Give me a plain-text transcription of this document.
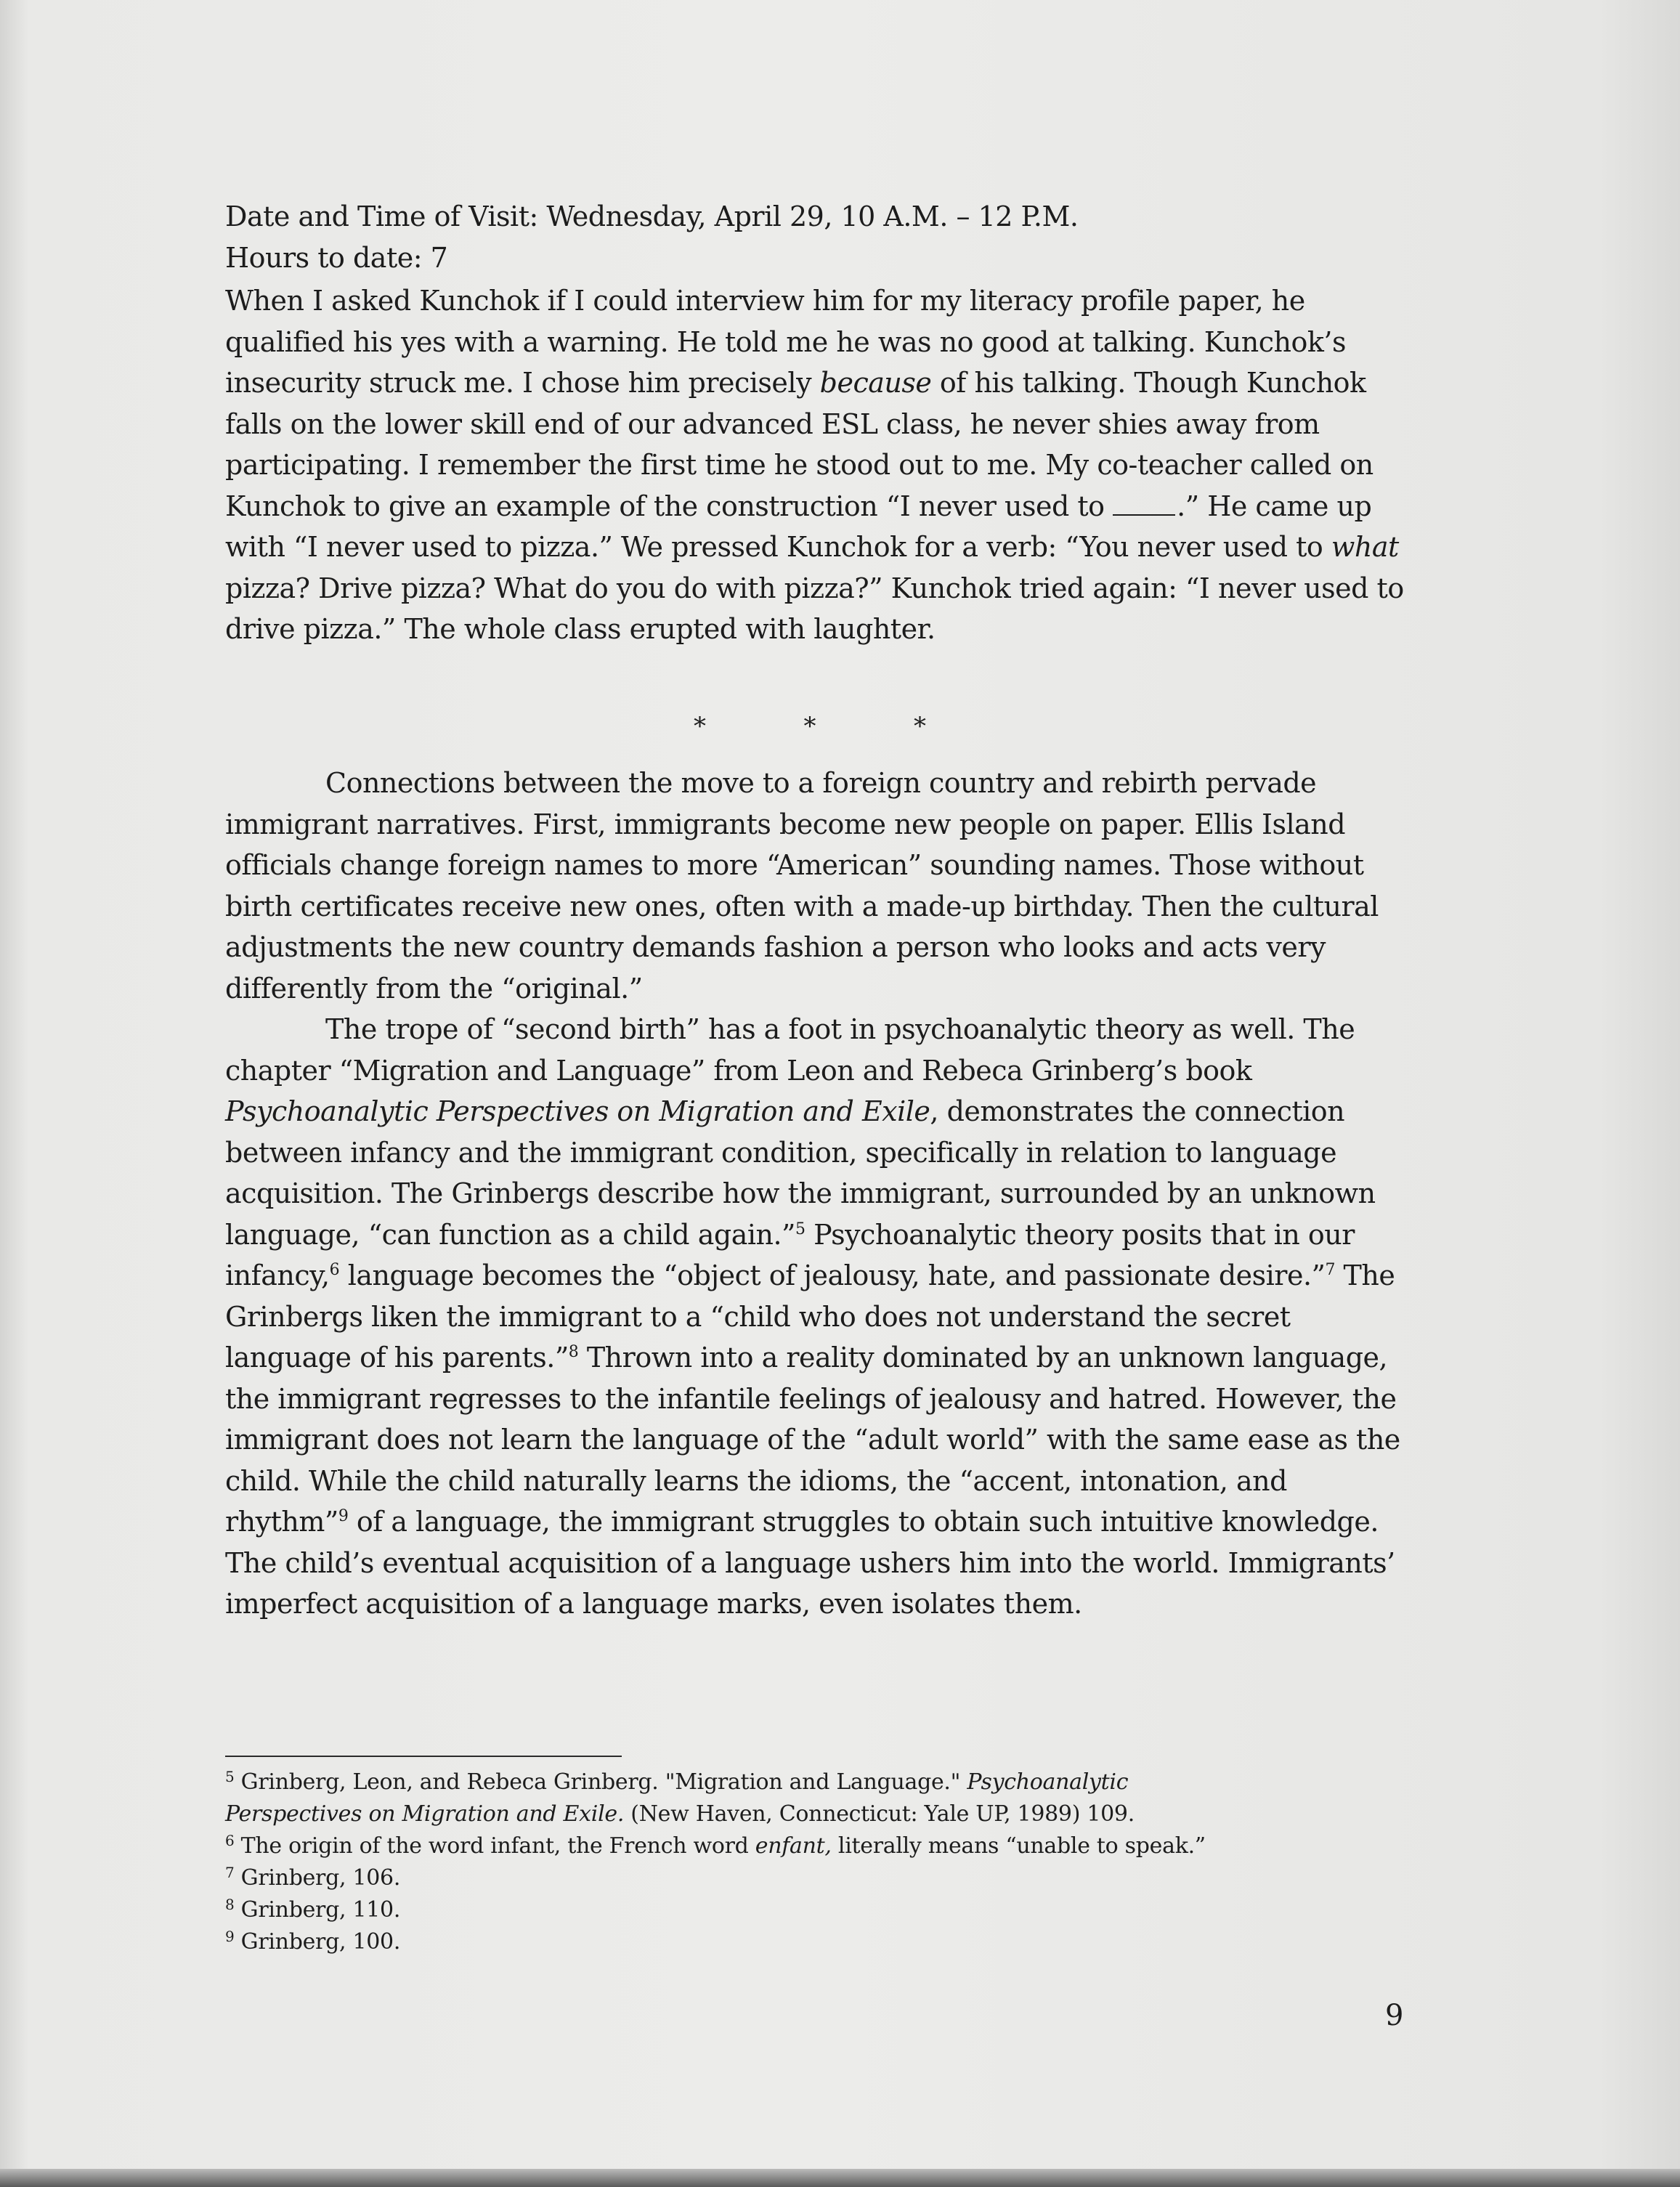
Date and Time of Visit: Wednesday, April 29, 10 A.M. – 12 P.M.

Hours to date: 7

When I asked Kunchok if I could interview him for my literacy profile paper, he qualified his yes with a warning. He told me he was no good at talking. Kunchok’s insecurity struck me. I chose him precisely because of his talking. Though Kunchok falls on the lower skill end of our advanced ESL class, he never shies away from participating. I remember the first time he stood out to me. My co-teacher called on Kunchok to give an example of the construction “I never used to .” He came up with “I never used to pizza.” We pressed Kunchok for a verb: “You never used to what pizza? Drive pizza? What do you do with pizza?” Kunchok tried again: “I never used to drive pizza.” The whole class erupted with laughter.

*	*	*

Connections between the move to a foreign country and rebirth pervade immigrant narratives. First, immigrants become new people on paper. Ellis Island officials change foreign names to more “American” sounding names. Those without birth certificates receive new ones, often with a made-up birthday. Then the cultural adjustments the new country demands fashion a person who looks and acts very differently from the “original.”

The trope of “second birth” has a foot in psychoanalytic theory as well. The chapter “Migration and Language” from Leon and Rebeca Grinberg’s book Psychoanalytic Perspectives on Migration and Exile, demonstrates the connection between infancy and the immigrant condition, specifically in relation to language acquisition. The Grinbergs describe how the immigrant, surrounded by an unknown language, “can function as a child again.”$^5$ Psychoanalytic theory posits that in our infancy,$^6$ language becomes the “object of jealousy, hate, and passionate desire.”$^7$ The Grinbergs liken the immigrant to a “child who does not understand the secret language of his parents.”$^8$ Thrown into a reality dominated by an unknown language, the immigrant regresses to the infantile feelings of jealousy and hatred. However, the immigrant does not learn the language of the “adult world” with the same ease as the child. While the child naturally learns the idioms, the “accent, intonation, and rhythm”$^9$ of a language, the immigrant struggles to obtain such intuitive knowledge. The child’s eventual acquisition of a language ushers him into the world. Immigrants’ imperfect acquisition of a language marks, even isolates them.

$^5$ Grinberg, Leon, and Rebeca Grinberg. "Migration and Language." Psychoanalytic
Perspectives on Migration and Exile. (New Haven, Connecticut: Yale UP, 1989) 109.
$^6$ The origin of the word infant, the French word enfant, literally means “unable to speak.”
$^7$ Grinberg, 106.
$^8$ Grinberg, 110.
$^9$ Grinberg, 100.
9
